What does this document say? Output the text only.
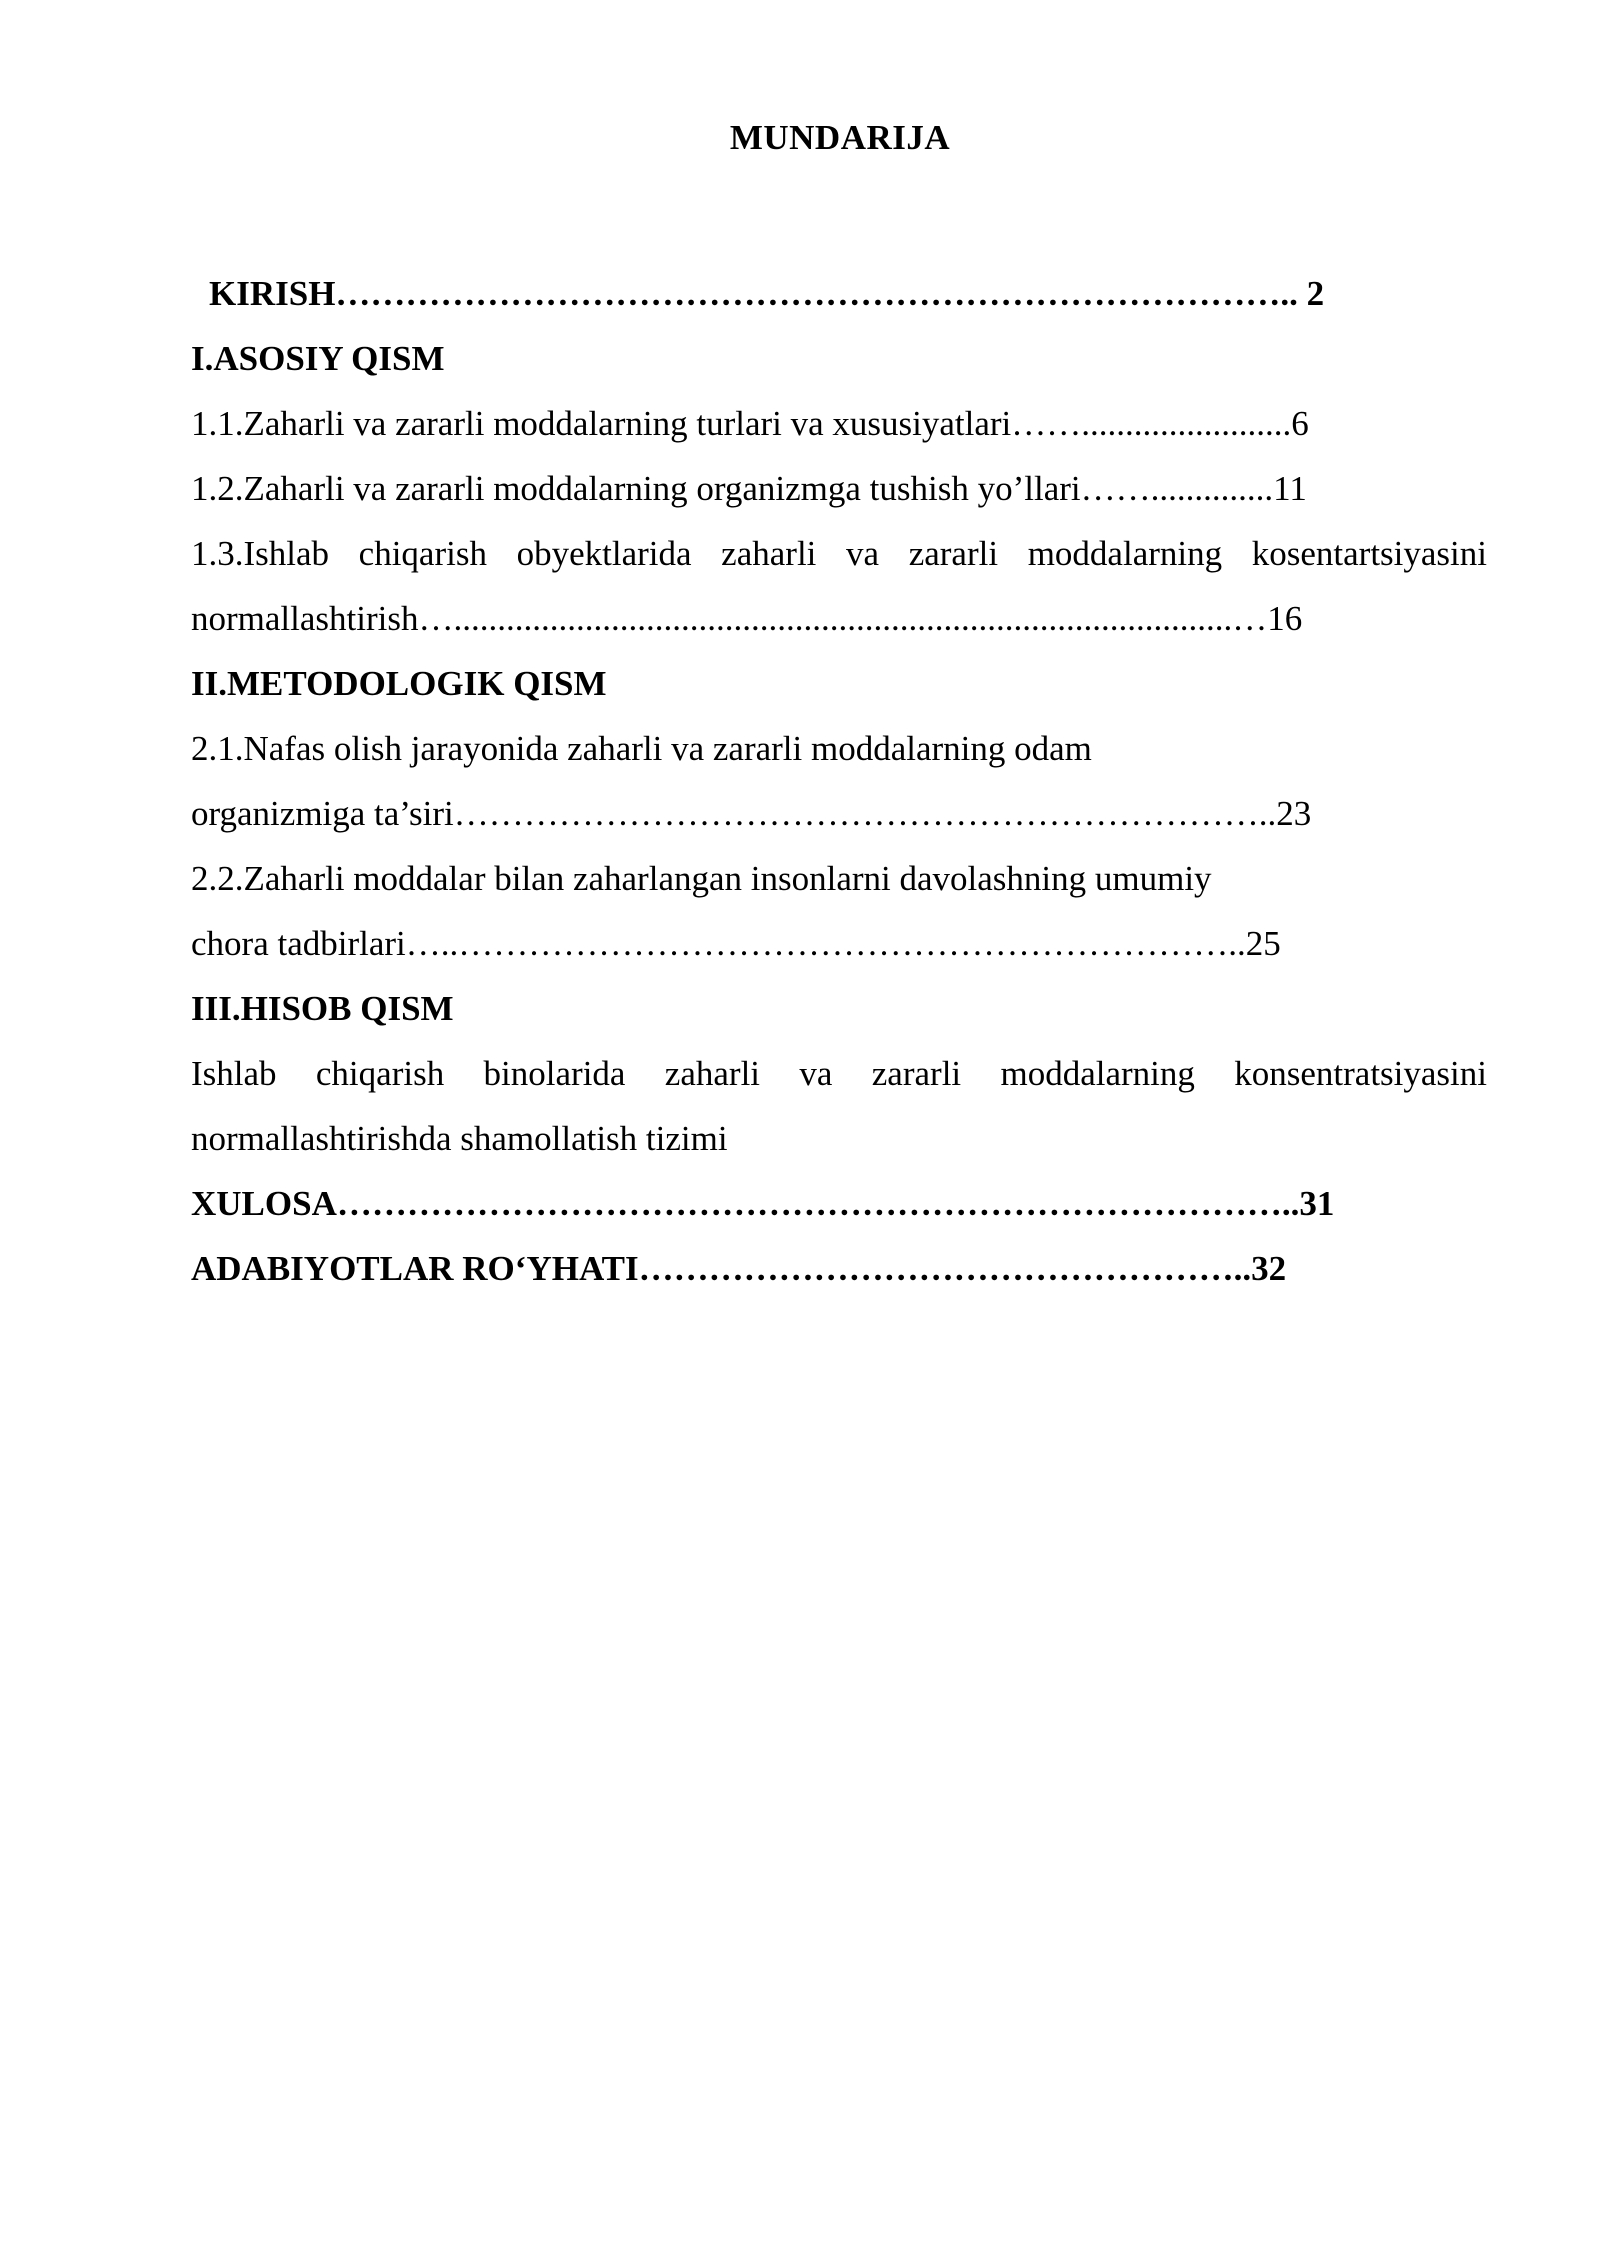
MUNDARIJA
KIRISH……………………………………………………………………….. 2
I.ASOSIY QISM
1.1.Zaharli va zararli moddalarning turlari va xususiyatlari……........................6
1.2.Zaharli va zararli moddalarning organizmga tushish yo’llari……..............11
1.3.Ishlab chiqarish obyektlarida zaharli va zararli moddalarning kosentartsiyasini
normallashtirish….........................................................................................…16
II.METODOLOGIK QISM
2.1.Nafas olish jarayonida zaharli va zararli moddalarning odam
organizmiga ta’siri……………………………………………………………..23
2.2.Zaharli moddalar bilan zaharlangan insonlarni davolashning umumiy
chora tadbirlari…..…………………………………………………………..25
III.HISOB QISM
Ishlab chiqarish binolarida zaharli va zararli moddalarning konsentratsiyasini
normallashtirishda shamollatish tizimi
XULOSA………………………………………………………………………..31
ADABIYOTLAR RO‘YHATI……………………………………………..32
